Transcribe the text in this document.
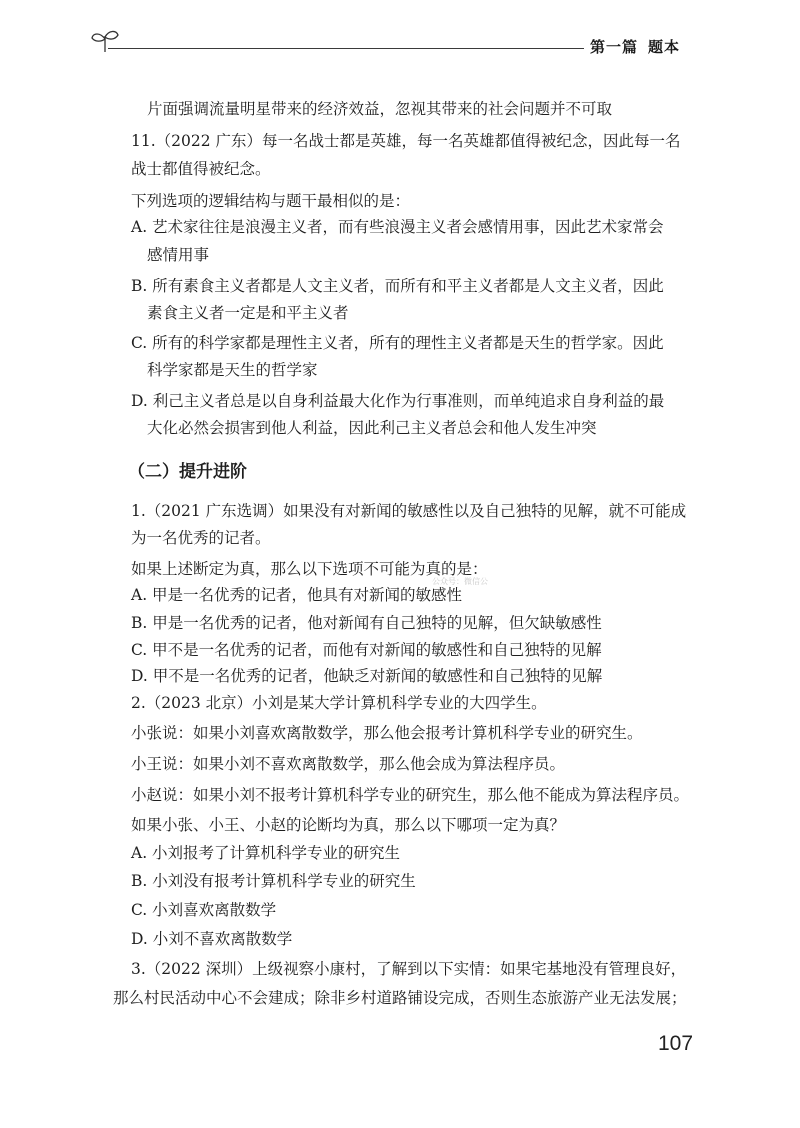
第一篇 题本
片面强调流量明星带来的经济效益，忽视其带来的社会问题并不可取
11.（2022 广东）每一名战士都是英雄，每一名英雄都值得被纪念，因此每一名
战士都值得被纪念。
下列选项的逻辑结构与题干最相似的是：
A. 艺术家往往是浪漫主义者，而有些浪漫主义者会感情用事，因此艺术家常会
感情用事
B. 所有素食主义者都是人文主义者，而所有和平主义者都是人文主义者，因此
素食主义者一定是和平主义者
C. 所有的科学家都是理性主义者，所有的理性主义者都是天生的哲学家。因此
科学家都是天生的哲学家
D. 利己主义者总是以自身利益最大化作为行事准则，而单纯追求自身利益的最
大化必然会损害到他人利益，因此利己主义者总会和他人发生冲突
（二）提升进阶
1.（2021 广东选调）如果没有对新闻的敏感性以及自己独特的见解，就不可能成
为一名优秀的记者。
如果上述断定为真，那么以下选项不可能为真的是：
A. 甲是一名优秀的记者，他具有对新闻的敏感性
B. 甲是一名优秀的记者，他对新闻有自己独特的见解，但欠缺敏感性
C. 甲不是一名优秀的记者，而他有对新闻的敏感性和自己独特的见解
D. 甲不是一名优秀的记者，他缺乏对新闻的敏感性和自己独特的见解
2.（2023 北京）小刘是某大学计算机科学专业的大四学生。
小张说：如果小刘喜欢离散数学，那么他会报考计算机科学专业的研究生。
小王说：如果小刘不喜欢离散数学，那么他会成为算法程序员。
小赵说：如果小刘不报考计算机科学专业的研究生，那么他不能成为算法程序员。
如果小张、小王、小赵的论断均为真，那么以下哪项一定为真？
A. 小刘报考了计算机科学专业的研究生
B. 小刘没有报考计算机科学专业的研究生
C. 小刘喜欢离散数学
D. 小刘不喜欢离散数学
3.（2022 深圳）上级视察小康村，了解到以下实情：如果宅基地没有管理良好，
那么村民活动中心不会建成；除非乡村道路铺设完成，否则生态旅游产业无法发展；
公众号：微信公
107
